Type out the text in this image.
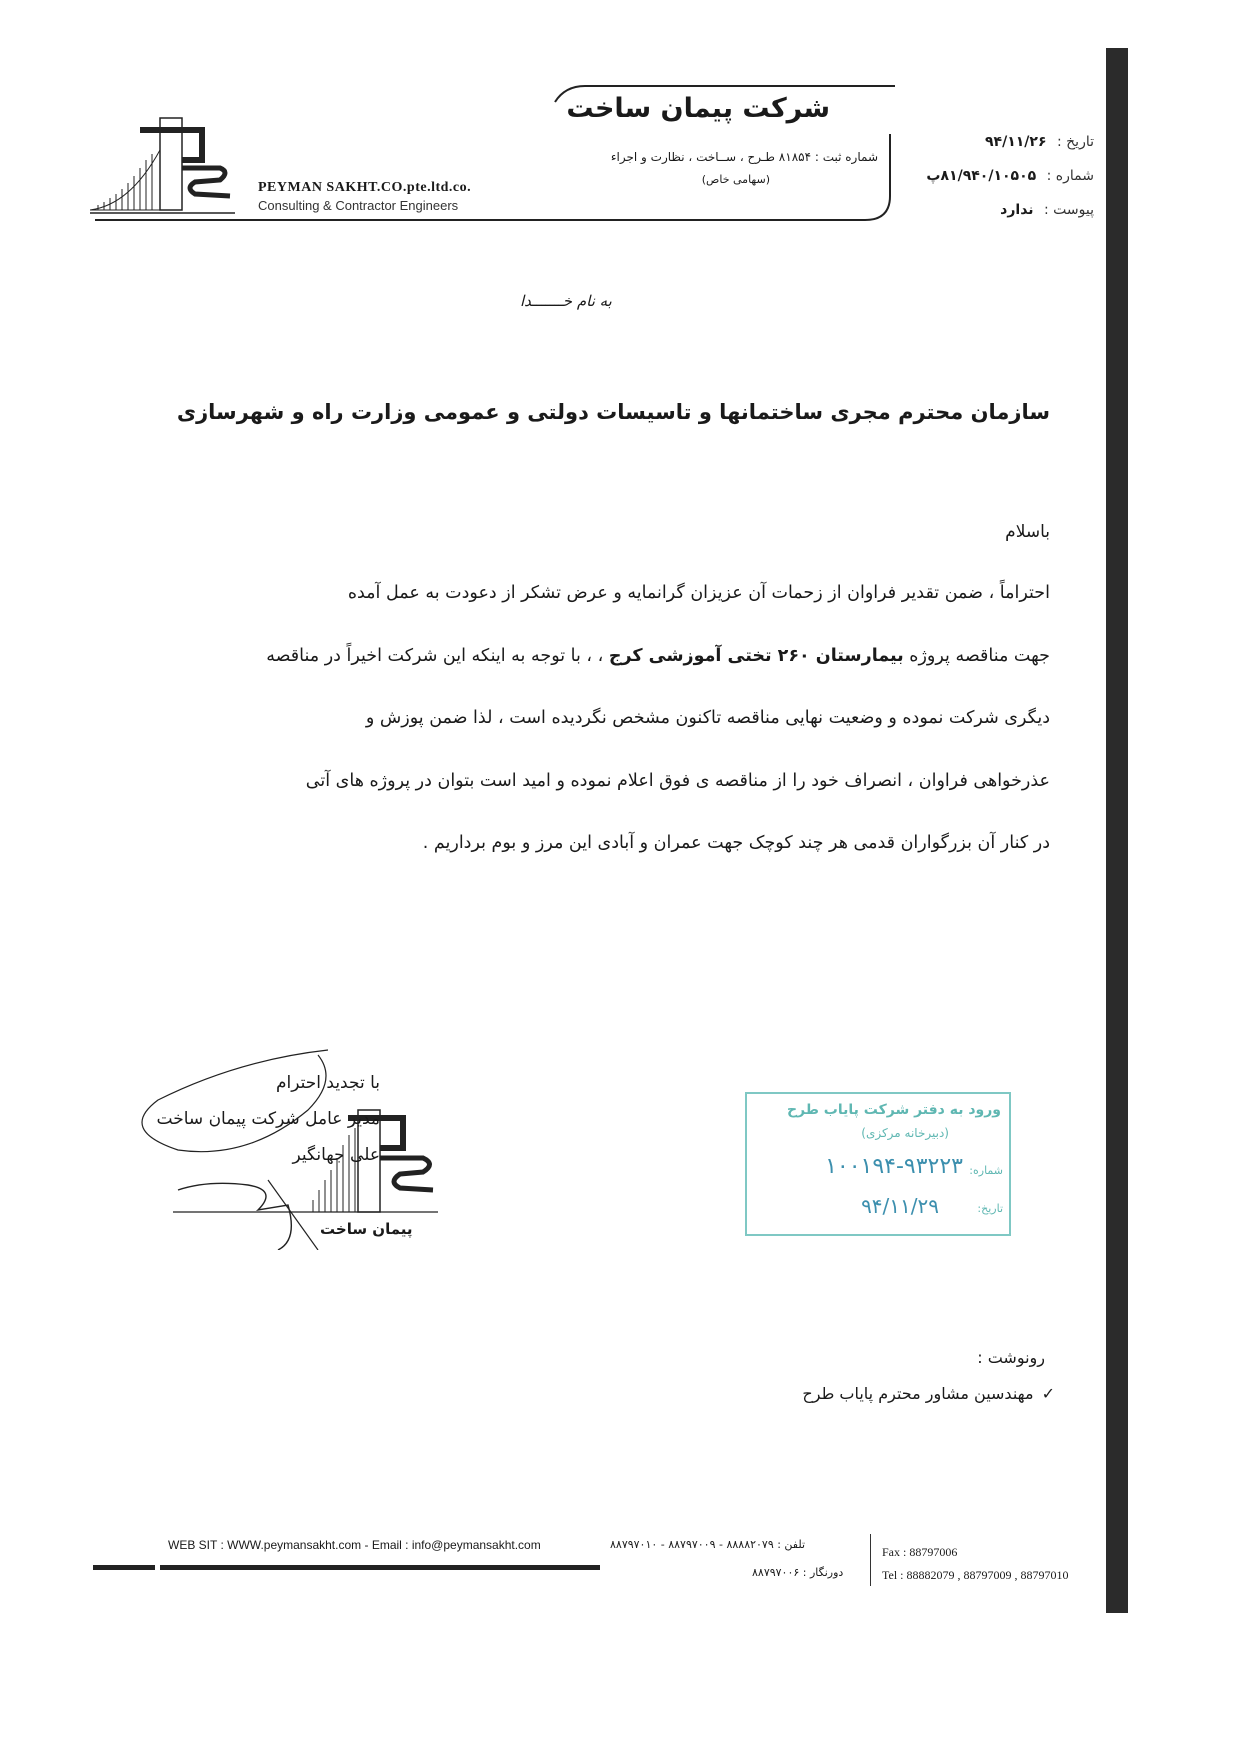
PEYMAN SAKHT.CO.pte.ltd.co.
Consulting & Contractor Engineers
شرکت پیمان ساخت
شماره ثبت : ۸۱۸۵۴ طـرح ، ســاخت ، نظارت و اجراء
(سهامی خاص)
تاریخ : ۹۴/۱۱/۲۶
شماره : ۸۱/۹۴۰/۱۰۵۰۵پ
پیوست : ندارد
به نام خـــــــدا
سازمان محترم مجری ساختمانها و تاسیسات دولتی و عمومی وزارت راه و شهرسازی
باسلام
احتراماً ، ضمن تقدیر فراوان از زحمات آن عزیزان گرانمایه و عرض تشکر از دعودت به عمل آمده
جهت مناقصه پروژه بیمارستان ۲۶۰ تختی آموزشی کرج ، ، با توجه به اینکه این شرکت اخیراً در مناقصه
دیگری شرکت نموده و وضعیت نهایی مناقصه تاکنون مشخص نگردیده است ، لذا ضمن پوزش و
عذرخواهی فراوان ، انصراف خود را از مناقصه ی فوق اعلام نموده و امید است بتوان در پروژه های آتی
در کنار آن بزرگواران قدمی هر چند کوچک جهت عمران و آبادی این مرز و بوم برداریم .
با تجدید احترام
مدیر عامل شرکت پیمان ساخت
علی جهانگیر
پیمان ساخت
ورود به دفتر شرکت پایاب طرح
(دبیرخانه مرکزی)
شماره:
۱۰۰۱۹۴-۹۳۲۲۳
تاریخ:
۹۴/۱۱/۲۹
رونوشت :
✓مهندسین مشاور محترم پایاب طرح
WEB SIT : WWW.peymansakht.com - Email : info@peymansakht.com	تلفن : ۸۸۸۸۲۰۷۹ - ۸۸۷۹۷۰۰۹ - ۸۸۷۹۷۰۱۰
دورنگار : ۸۸۷۹۷۰۰۶
Fax : 88797006
Tel : 88882079 , 88797009 , 88797010
